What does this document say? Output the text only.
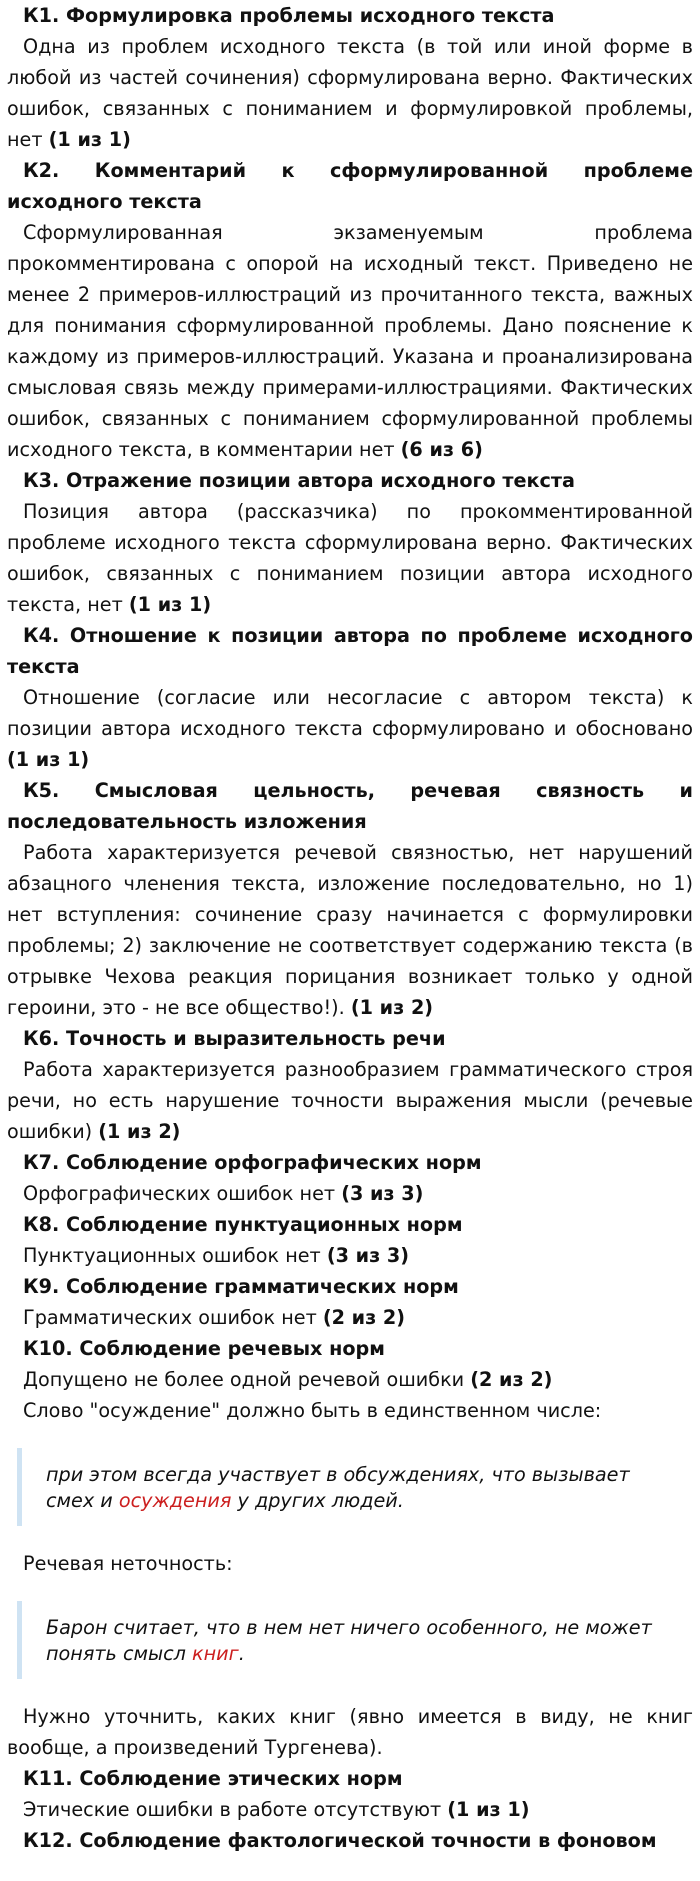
К1. Формулировка проблемы исходного текста

Одна из проблем исходного текста (в той или иной форме в любой из частей сочинения) сформулирована верно. Фактических ошибок, связанных с пониманием и формулировкой проблемы, нет (1 из 1)

К2. Комментарий к сформулированной проблеме исходного текста

Сформулированная экзаменуемым проблема прокомментирована с опорой на исходный текст. Приведено не менее 2 примеров-иллюстраций из прочитанного текста, важных для понимания сформулированной проблемы. Дано пояснение к каждому из примеров-иллюстраций. Указана и проанализирована смысловая связь между примерами-иллюстрациями. Фактических ошибок, связанных с пониманием сформулированной проблемы исходного текста, в комментарии нет (6 из 6)

К3. Отражение позиции автора исходного текста

Позиция автора (рассказчика) по прокомментированной проблеме исходного текста сформулирована верно. Фактических ошибок, связанных с пониманием позиции автора исходного текста, нет (1 из 1)

К4. Отношение к позиции автора по проблеме исходного текста

Отношение (согласие или несогласие с автором текста) к позиции автора исходного текста сформулировано и обосновано (1 из 1)

К5. Смысловая цельность, речевая связность и последовательность изложения

Работа характеризуется речевой связностью, нет нарушений абзацного членения текста, изложение последовательно, но 1) нет вступления: сочинение сразу начинается с формулировки проблемы; 2) заключение не соответствует содержанию текста (в отрывке Чехова реакция порицания возникает только у одной героини, это - не все общество!). (1 из 2)

К6. Точность и выразительность речи

Работа характеризуется разнообразием грамматического строя речи, но есть нарушение точности выражения мысли (речевые ошибки) (1 из 2)

К7. Соблюдение орфографических норм

Орфографических ошибок нет (3 из 3)

К8. Соблюдение пунктуационных норм

Пунктуационных ошибок нет (3 из 3)

К9. Соблюдение грамматических норм

Грамматических ошибок нет (2 из 2)

К10. Соблюдение речевых норм

Допущено не более одной речевой ошибки (2 из 2)

Слово "осуждение" должно быть в единственном числе:

при этом всегда участвует в обсуждениях, что вызывает смех и осуждения у других людей.

Речевая неточность:

Барон считает, что в нем нет ничего особенного, не может понять смысл книг.

Нужно уточнить, каких книг (явно имеется в виду, не книг вообще, а произведений Тургенева).

К11. Соблюдение этических норм

Этические ошибки в работе отсутствуют (1 из 1)

К12. Соблюдение фактологической точности в фоновом
